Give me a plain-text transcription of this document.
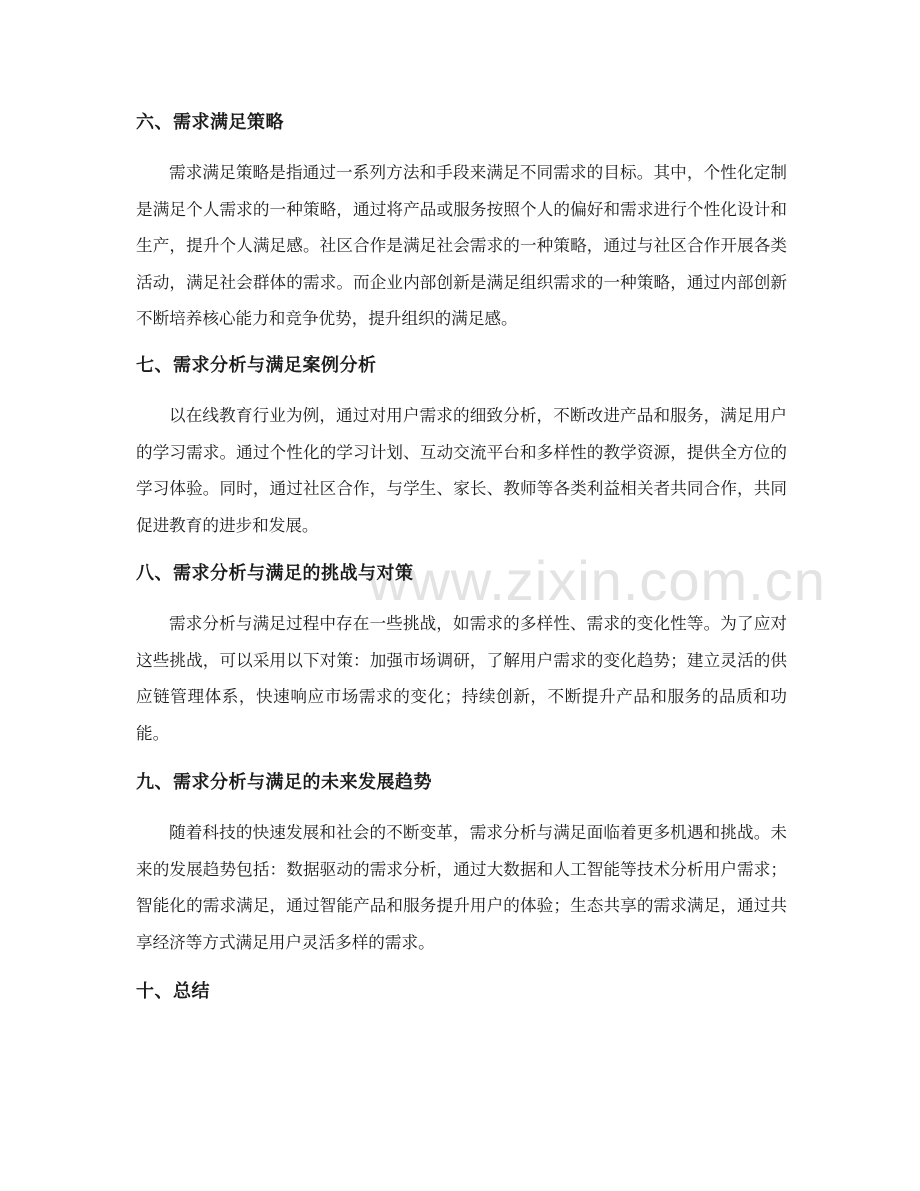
www.zixin.com.cn
六、需求满足策略

需求满足策略是指通过一系列方法和手段来满足不同需求的目标。其中，个性化定制是满足个人需求的一种策略，通过将产品或服务按照个人的偏好和需求进行个性化设计和生产，提升个人满足感。社区合作是满足社会需求的一种策略，通过与社区合作开展各类活动，满足社会群体的需求。而企业内部创新是满足组织需求的一种策略，通过内部创新不断培养核心能力和竞争优势，提升组织的满足感。

七、需求分析与满足案例分析

以在线教育行业为例，通过对用户需求的细致分析，不断改进产品和服务，满足用户的学习需求。通过个性化的学习计划、互动交流平台和多样性的教学资源，提供全方位的学习体验。同时，通过社区合作，与学生、家长、教师等各类利益相关者共同合作，共同促进教育的进步和发展。

八、需求分析与满足的挑战与对策

需求分析与满足过程中存在一些挑战，如需求的多样性、需求的变化性等。为了应对这些挑战，可以采用以下对策：加强市场调研，了解用户需求的变化趋势；建立灵活的供应链管理体系，快速响应市场需求的变化；持续创新，不断提升产品和服务的品质和功能。

九、需求分析与满足的未来发展趋势

随着科技的快速发展和社会的不断变革，需求分析与满足面临着更多机遇和挑战。未来的发展趋势包括：数据驱动的需求分析，通过大数据和人工智能等技术分析用户需求；智能化的需求满足，通过智能产品和服务提升用户的体验；生态共享的需求满足，通过共享经济等方式满足用户灵活多样的需求。

十、总结
